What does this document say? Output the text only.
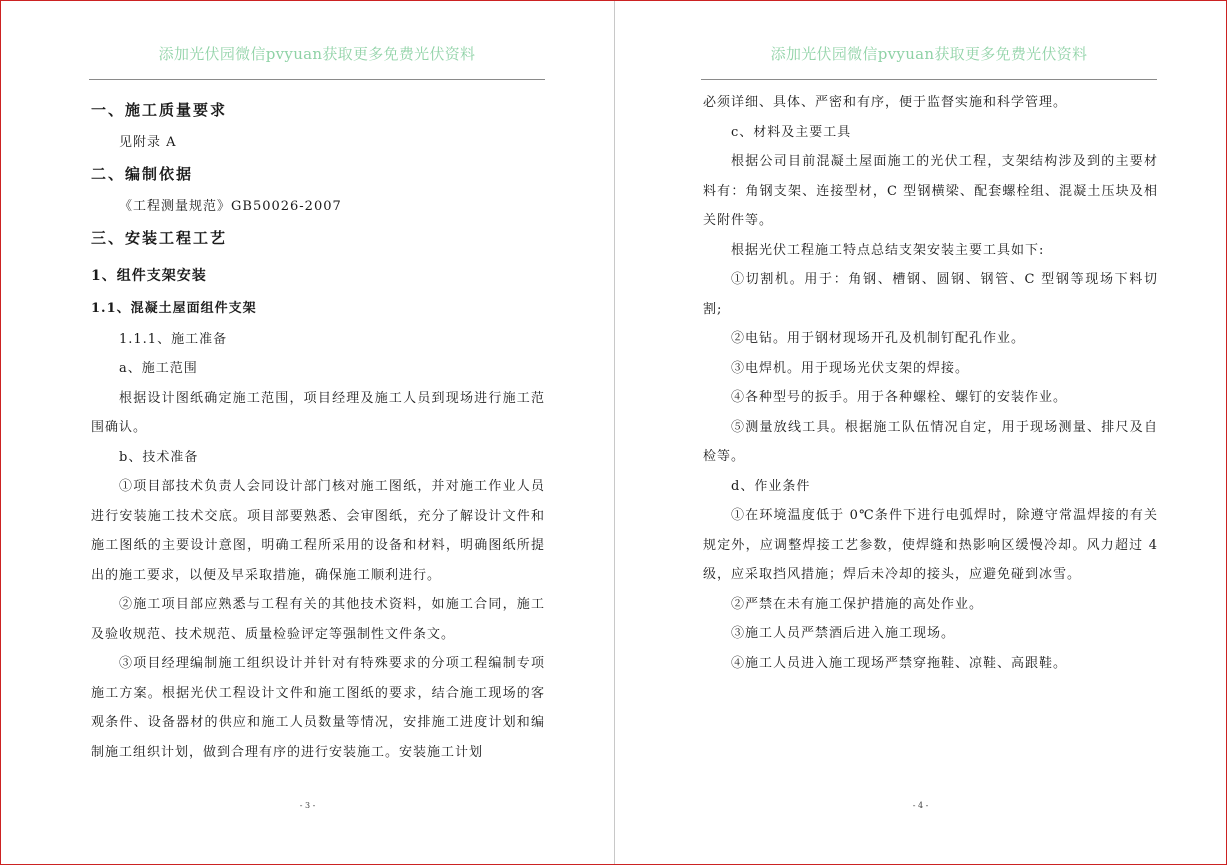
添加光伏园微信pvyuan获取更多免费光伏资料
一、施工质量要求
见附录 A
二、编制依据
《工程测量规范》GB50026-2007
三、安装工程工艺
1、组件支架安装
1.1、混凝土屋面组件支架
1.1.1、施工准备
a、施工范围
根据设计图纸确定施工范围，项目经理及施工人员到现场进行施工范围确认。
b、技术准备
①项目部技术负责人会同设计部门核对施工图纸，并对施工作业人员进行安装施工技术交底。项目部要熟悉、会审图纸，充分了解设计文件和施工图纸的主要设计意图，明确工程所采用的设备和材料，明确图纸所提出的施工要求，以便及早采取措施，确保施工顺利进行。
②施工项目部应熟悉与工程有关的其他技术资料，如施工合同，施工及验收规范、技术规范、质量检验评定等强制性文件条文。
③项目经理编制施工组织设计并针对有特殊要求的分项工程编制专项施工方案。根据光伏工程设计文件和施工图纸的要求，结合施工现场的客观条件、设备器材的供应和施工人员数量等情况，安排施工进度计划和编制施工组织计划，做到合理有序的进行安装施工。安装施工计划
- 3 -
添加光伏园微信pvyuan获取更多免费光伏资料
必须详细、具体、严密和有序，便于监督实施和科学管理。
c、材料及主要工具
根据公司目前混凝土屋面施工的光伏工程，支架结构涉及到的主要材料有：角钢支架、连接型材，C 型钢横梁、配套螺栓组、混凝土压块及相关附件等。
根据光伏工程施工特点总结支架安装主要工具如下:
①切割机。用于：角钢、槽钢、圆钢、钢管、C 型钢等现场下料切割;
②电钻。用于钢材现场开孔及机制钉配孔作业。
③电焊机。用于现场光伏支架的焊接。
④各种型号的扳手。用于各种螺栓、螺钉的安装作业。
⑤测量放线工具。根据施工队伍情况自定，用于现场测量、排尺及自检等。
d、作业条件
①在环境温度低于 0℃条件下进行电弧焊时，除遵守常温焊接的有关规定外，应调整焊接工艺参数，使焊缝和热影响区缓慢冷却。风力超过 4 级，应采取挡风措施；焊后未冷却的接头，应避免碰到冰雪。
②严禁在未有施工保护措施的高处作业。
③施工人员严禁酒后进入施工现场。
④施工人员进入施工现场严禁穿拖鞋、凉鞋、高跟鞋。
- 4 -
